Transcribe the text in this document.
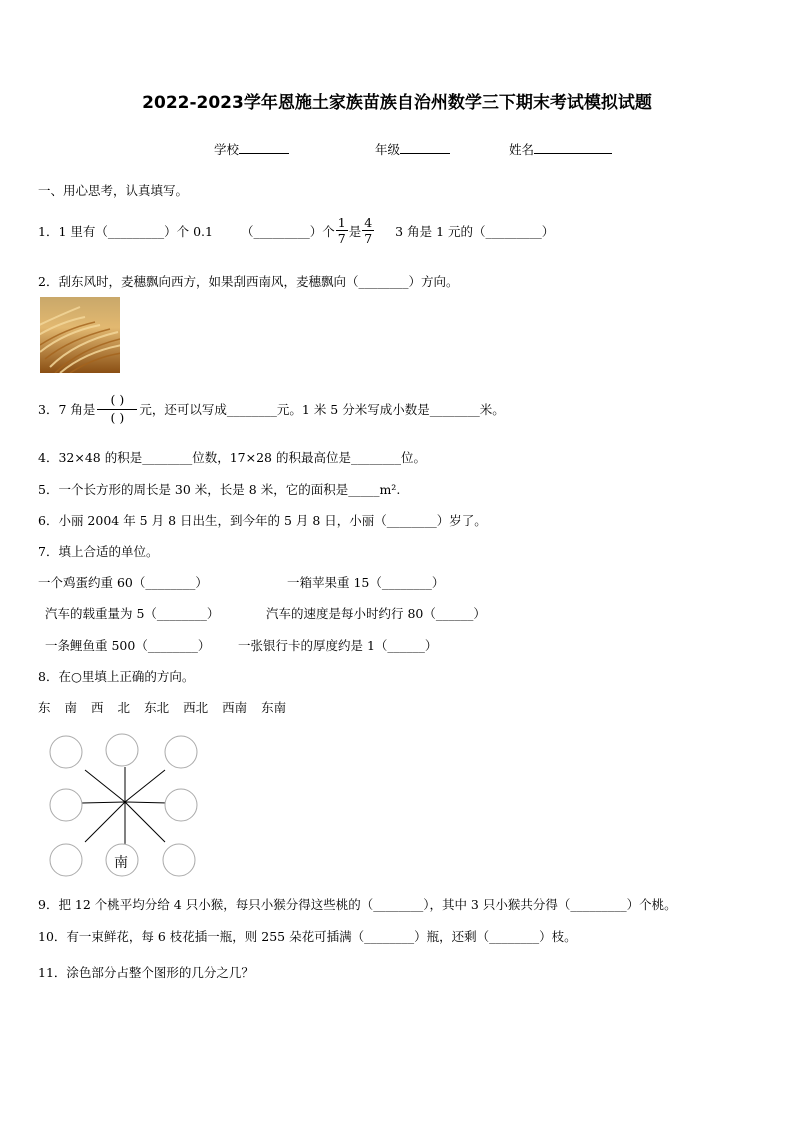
2022-2023学年恩施土家族苗族自治州数学三下期末考试模拟试题
学校	年级	姓名
一、用心思考，认真填写。
1．1 里有（_________）个 0.1 （_________）个 $\frac{1}{7}$ 是 $\frac{4}{7} 3$ 角是 1 元的（_________）
2．刮东风时，麦穗飘向西方，如果刮西南风，麦穗飘向（________）方向。
3．7 角是 $\frac{( )}{( )}$ 元，还可以写成________元。1 米 5 分米写成小数是________米。
4．32×48 的积是________位数，17×28 的积最高位是________位。
5．一个长方形的周长是 30 米，长是 8 米，它的面积是_____m².
6．小丽 2004 年 5 月 8 日出生，到今年的 5 月 8 日，小丽（________）岁了。
7．填上合适的单位。
一个鸡蛋约重 60（________）	一箱苹果重 15（________）
汽车的载重量为 5（________）	汽车的速度是每小时约行 80（______）
一条鲤鱼重 500（________） 一张银行卡的厚度约是 1（______）
8．在○里填上正确的方向。
东 南 西 北 东北 西北 西南 东南
南
9．把 12 个桃平均分给 4 只小猴，每只小猴分得这些桃的（________），其中 3 只小猴共分得（_________）个桃。
10．有一束鲜花，每 6 枝花插一瓶，则 255 朵花可插满（________）瓶，还剩（________）枝。
11．涂色部分占整个图形的几分之几？
